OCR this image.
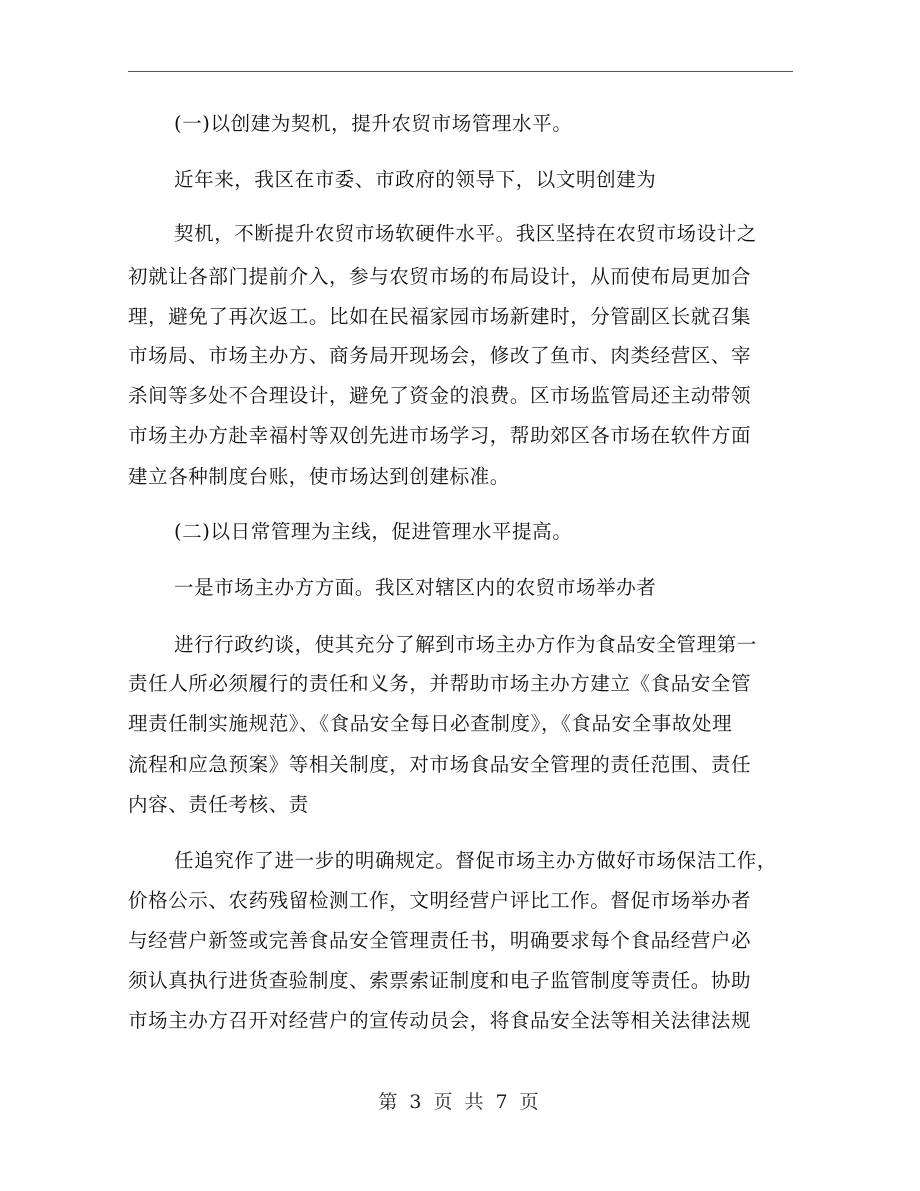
(一)以创建为契机，提升农贸市场管理水平。
近年来，我区在市委、市政府的领导下，以文明创建为
契机，不断提升农贸市场软硬件水平。我区坚持在农贸市场设计之
初就让各部门提前介入，参与农贸市场的布局设计，从而使布局更加合
理，避免了再次返工。比如在民福家园市场新建时，分管副区长就召集
市场局、市场主办方、商务局开现场会，修改了鱼市、肉类经营区、宰
杀间等多处不合理设计，避免了资金的浪费。区市场监管局还主动带领
市场主办方赴幸福村等双创先进市场学习，帮助郊区各市场在软件方面
建立各种制度台账，使市场达到创建标准。
(二)以日常管理为主线，促进管理水平提高。
一是市场主办方方面。我区对辖区内的农贸市场举办者
进行行政约谈，使其充分了解到市场主办方作为食品安全管理第一
责任人所必须履行的责任和义务，并帮助市场主办方建立《食品安全管
理责任制实施规范》、《食品安全每日必查制度》，《食品安全事故处理
流程和应急预案》等相关制度，对市场食品安全管理的责任范围、责任
内容、责任考核、责
任追究作了进一步的明确规定。督促市场主办方做好市场保洁工作，
价格公示、农药残留检测工作，文明经营户评比工作。督促市场举办者
与经营户新签或完善食品安全管理责任书，明确要求每个食品经营户必
须认真执行进货查验制度、索票索证制度和电子监管制度等责任。协助
市场主办方召开对经营户的宣传动员会，将食品安全法等相关法律法规
第 3 页 共 7 页
